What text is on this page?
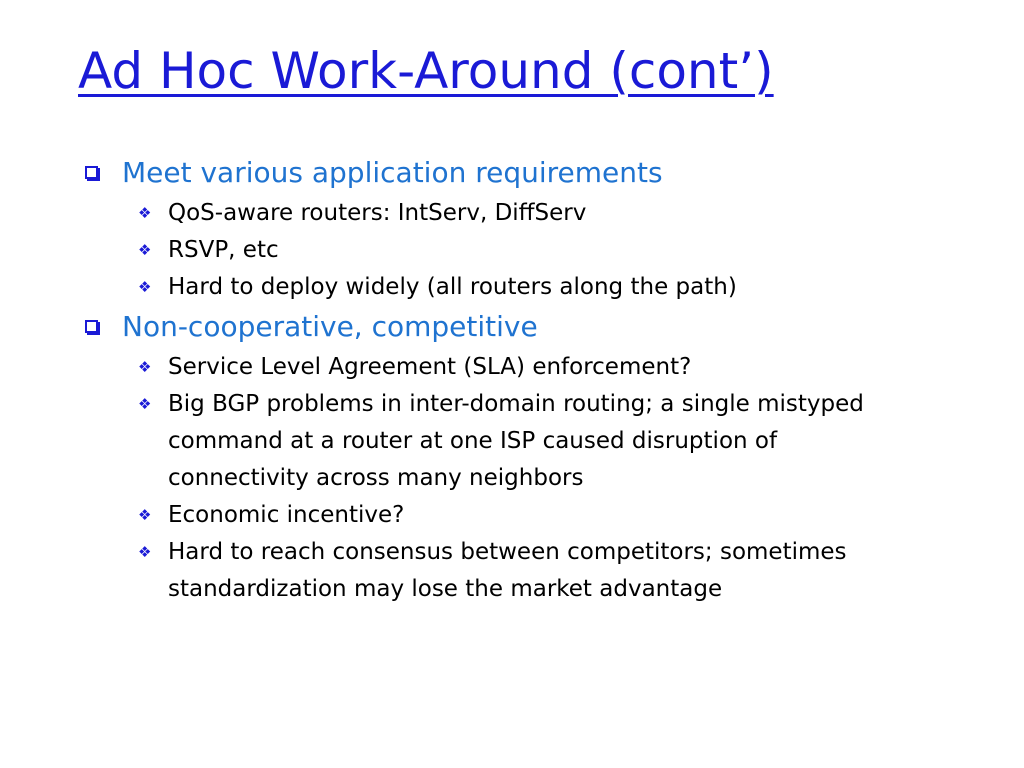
Ad Hoc Work-Around (cont’)
Meet various application requirements
❖ QoS-aware routers: IntServ, DiffServ
❖ RSVP, etc
❖ Hard to deploy widely (all routers along the path)
Non-cooperative, competitive
❖ Service Level Agreement (SLA) enforcement?
❖ Big BGP problems in inter-domain routing; a single mistyped command at a router at one ISP caused disruption of connectivity across many neighbors
❖ Economic incentive?
❖ Hard to reach consensus between competitors; sometimes standardization may lose the market advantage
